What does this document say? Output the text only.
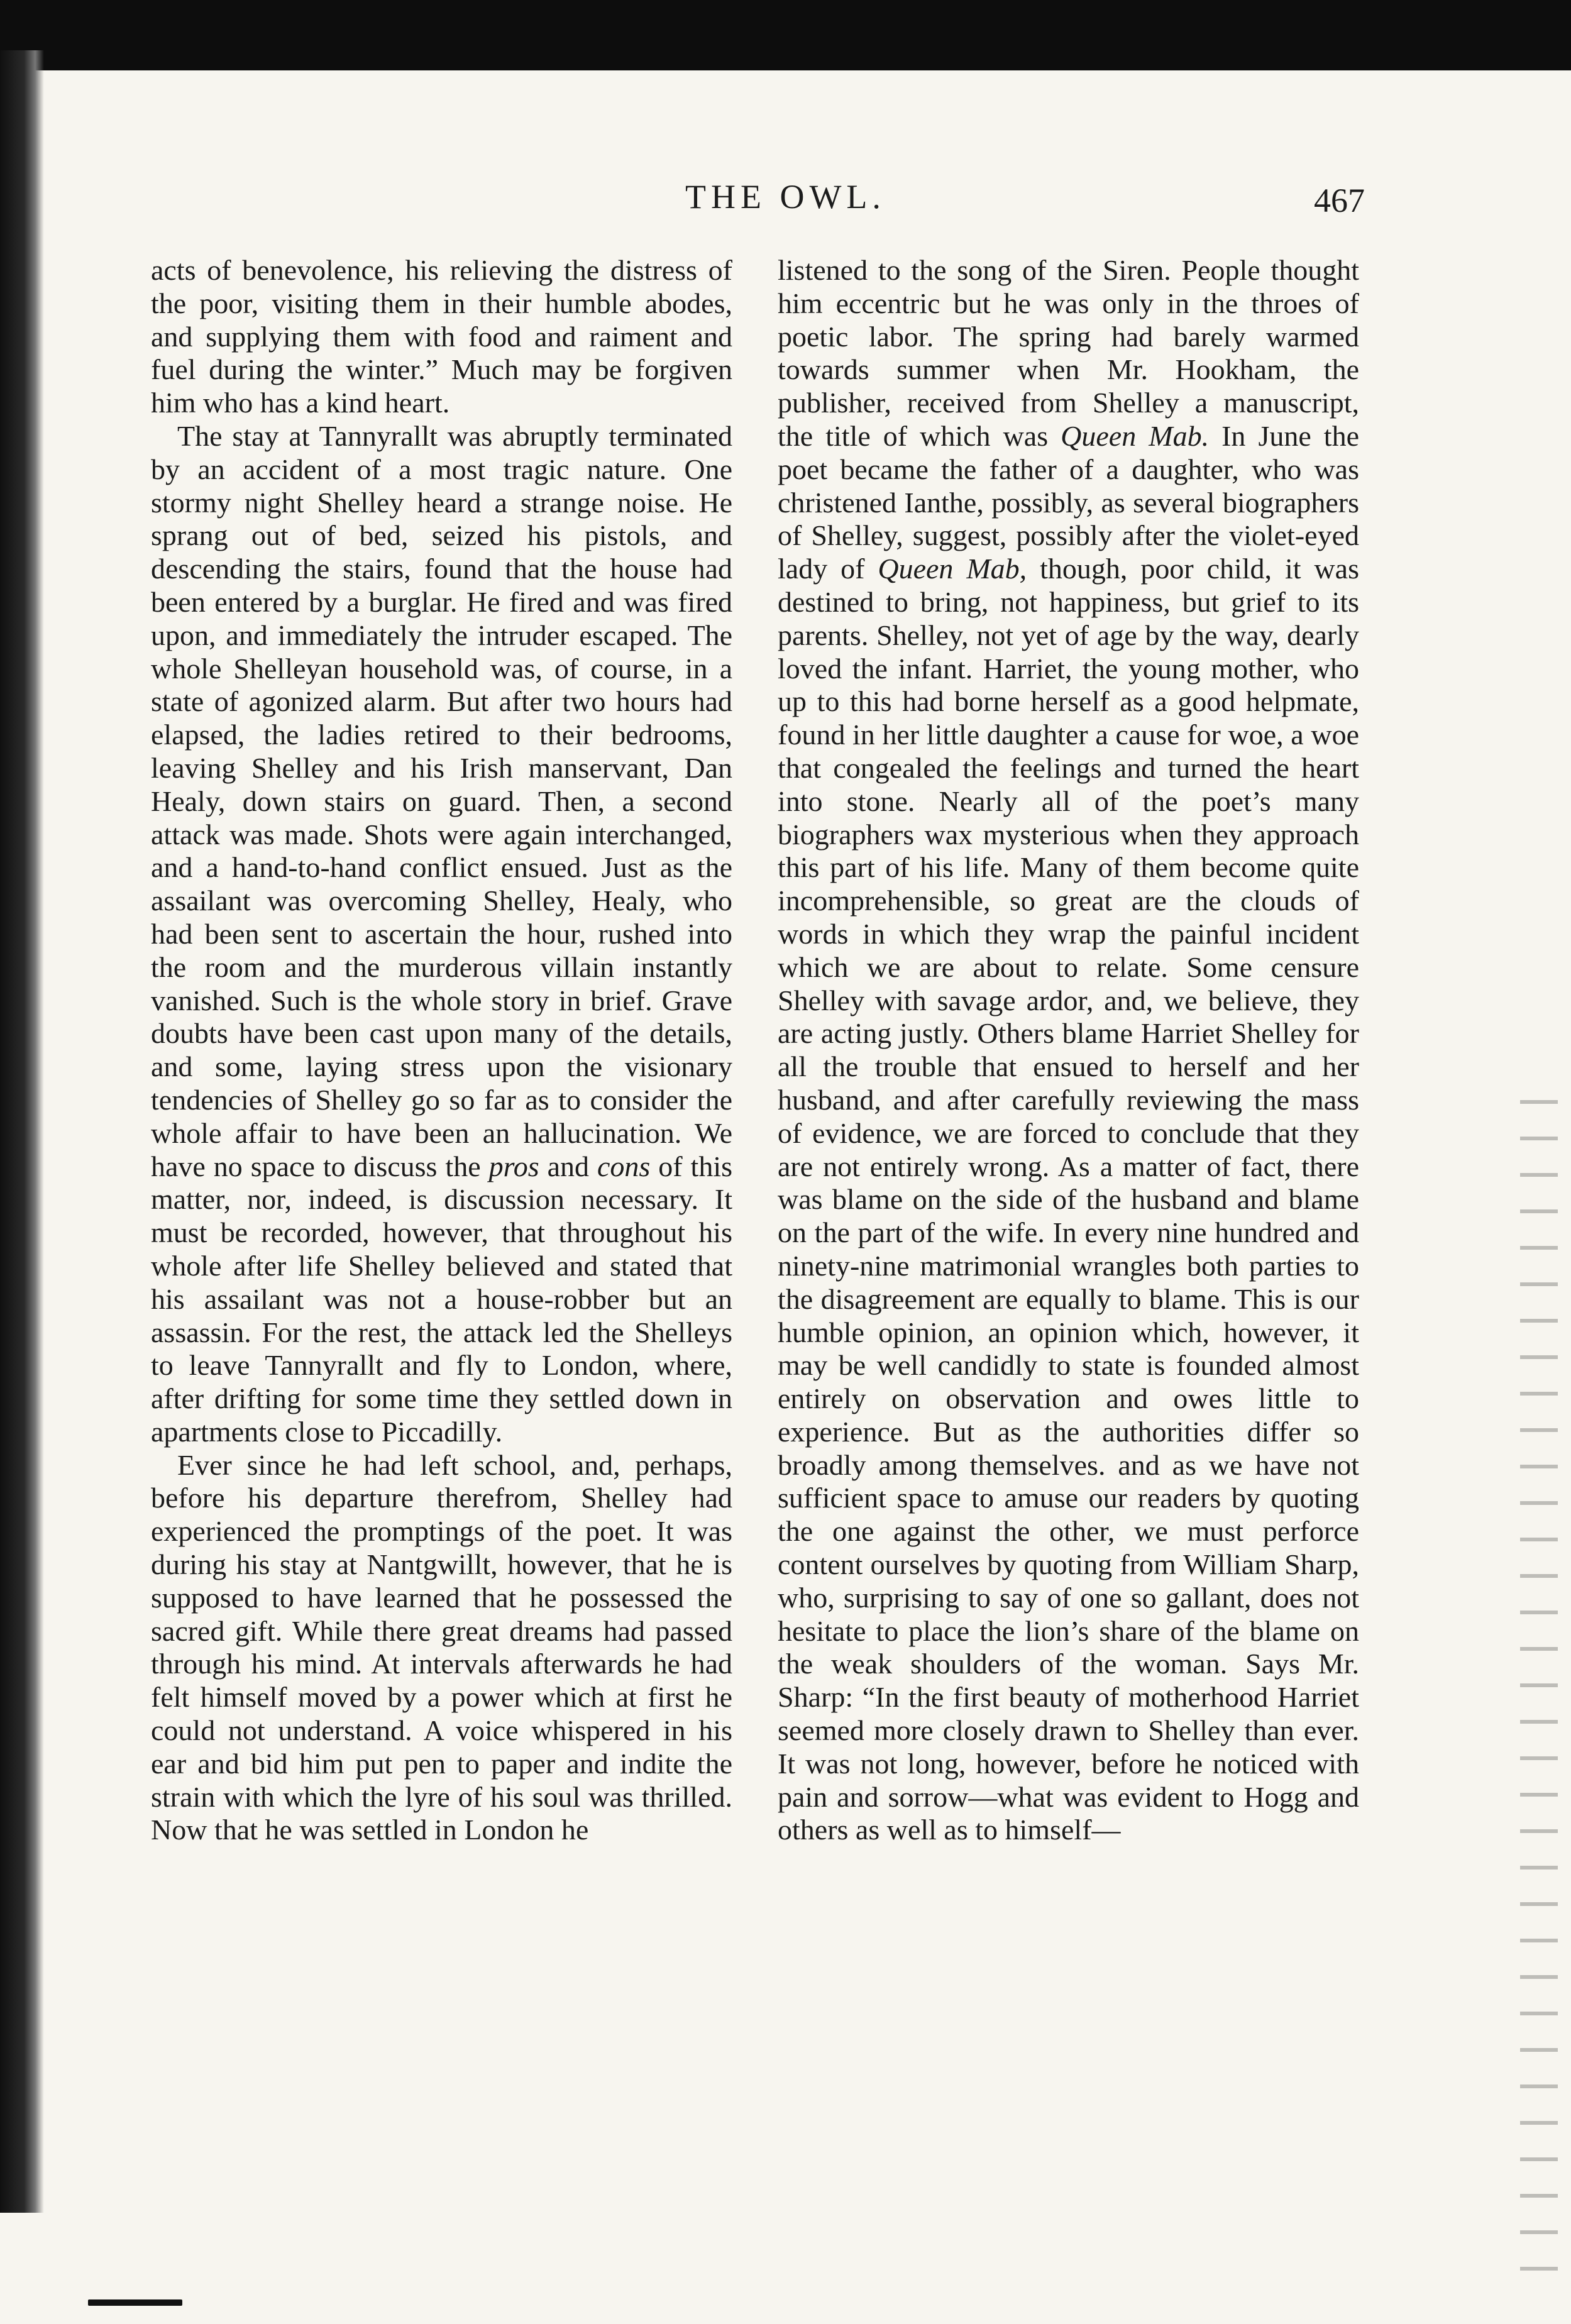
THE OWL.	467

acts of benevolence, his relieving the distress of the poor, visiting them in their humble abodes, and supplying them with food and raiment and fuel during the winter.” Much may be forgiven him who has a kind heart.

The stay at Tannyrallt was abruptly terminated by an accident of a most tragic nature. One stormy night Shelley heard a strange noise. He sprang out of bed, seized his pistols, and descending the stairs, found that the house had been entered by a burglar. He fired and was fired upon, and immediately the intruder escaped. The whole Shelleyan household was, of course, in a state of agonized alarm. But after two hours had elapsed, the ladies retired to their bedrooms, leaving Shelley and his Irish manservant, Dan Healy, down stairs on guard. Then, a second attack was made. Shots were again interchanged, and a hand-to-hand conflict ensued. Just as the assailant was overcoming Shelley, Healy, who had been sent to ascertain the hour, rushed into the room and the murderous villain instantly vanished. Such is the whole story in brief. Grave doubts have been cast upon many of the details, and some, laying stress upon the visionary tendencies of Shelley go so far as to consider the whole affair to have been an hallucination. We have no space to discuss the pros and cons of this matter, nor, indeed, is discussion necessary. It must be recorded, however, that throughout his whole after life Shelley believed and stated that his assailant was not a house-robber but an assassin. For the rest, the attack led the Shelleys to leave Tannyrallt and fly to London, where, after drifting for some time they settled down in apartments close to Piccadilly.

Ever since he had left school, and, perhaps, before his departure therefrom, Shelley had experienced the promptings of the poet. It was during his stay at Nantgwillt, however, that he is supposed to have learned that he possessed the sacred gift. While there great dreams had passed through his mind. At intervals afterwards he had felt himself moved by a power which at first he could not understand. A voice whispered in his ear and bid him put pen to paper and indite the strain with which the lyre of his soul was thrilled. Now that he was settled in London he

listened to the song of the Siren. People thought him eccentric but he was only in the throes of poetic labor. The spring had barely warmed towards summer when Mr. Hookham, the publisher, received from Shelley a manuscript, the title of which was Queen Mab. In June the poet became the father of a daughter, who was christened Ianthe, possibly, as several biographers of Shelley, suggest, possibly after the violet-eyed lady of Queen Mab, though, poor child, it was destined to bring, not happiness, but grief to its parents. Shelley, not yet of age by the way, dearly loved the infant. Harriet, the young mother, who up to this had borne herself as a good helpmate, found in her little daughter a cause for woe, a woe that congealed the feelings and turned the heart into stone. Nearly all of the poet’s many biographers wax mysterious when they approach this part of his life. Many of them become quite incomprehensible, so great are the clouds of words in which they wrap the painful incident which we are about to relate. Some censure Shelley with savage ardor, and, we believe, they are acting justly. Others blame Harriet Shelley for all the trouble that ensued to herself and her husband, and after carefully reviewing the mass of evidence, we are forced to conclude that they are not entirely wrong. As a matter of fact, there was blame on the side of the husband and blame on the part of the wife. In every nine hundred and ninety-nine matrimonial wrangles both parties to the disagreement are equally to blame. This is our humble opinion, an opinion which, however, it may be well candidly to state is founded almost entirely on observation and owes little to experience. But as the authorities differ so broadly among themselves. and as we have not sufficient space to amuse our readers by quoting the one against the other, we must perforce content ourselves by quoting from William Sharp, who, surprising to say of one so gallant, does not hesitate to place the lion’s share of the blame on the weak shoulders of the woman. Says Mr. Sharp: “In the first beauty of motherhood Harriet seemed more closely drawn to Shelley than ever. It was not long, however, before he noticed with pain and sorrow—what was evident to Hogg and others as well as to himself—
